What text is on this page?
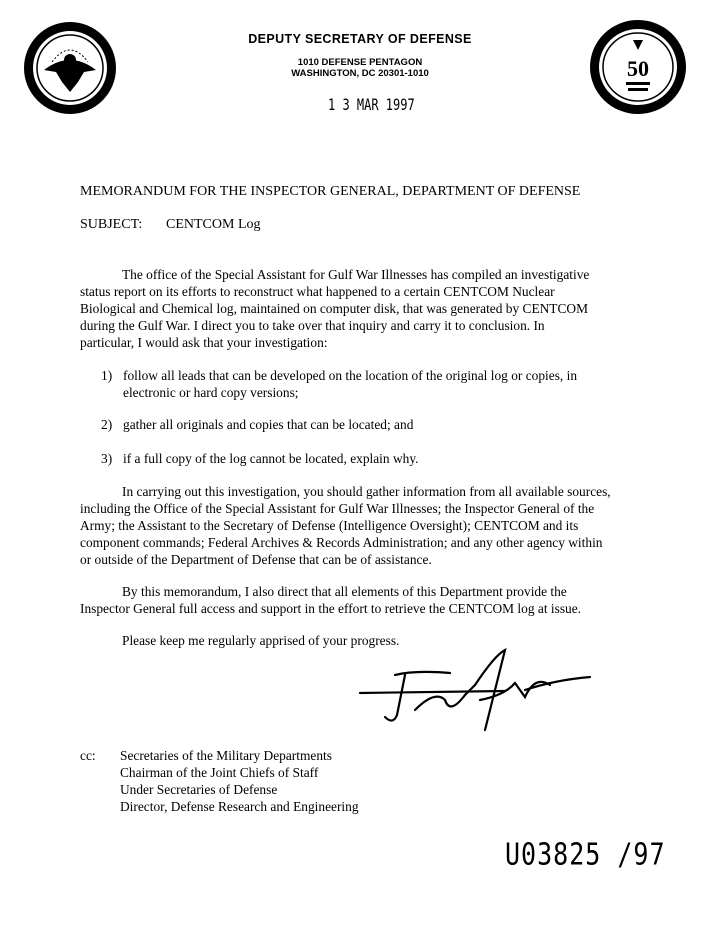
50
DEPUTY SECRETARY OF DEFENSE
1010 DEFENSE PENTAGON
WASHINGTON, DC 20301-1010
1 3 MAR 1997
MEMORANDUM FOR THE INSPECTOR GENERAL, DEPARTMENT OF DEFENSE
SUBJECT: CENTCOM Log
The office of the Special Assistant for Gulf War Illnesses has compiled an investigative
status report on its efforts to reconstruct what happened to a certain CENTCOM Nuclear
Biological and Chemical log, maintained on computer disk, that was generated by CENTCOM
during the Gulf War. I direct you to take over that inquiry and carry it to conclusion. In
particular, I would ask that your investigation:
1) follow all leads that can be developed on the location of the original log or copies, in
electronic or hard copy versions;
2) gather all originals and copies that can be located; and
3) if a full copy of the log cannot be located, explain why.
In carrying out this investigation, you should gather information from all available sources,
including the Office of the Special Assistant for Gulf War Illnesses; the Inspector General of the
Army; the Assistant to the Secretary of Defense (Intelligence Oversight); CENTCOM and its
component commands; Federal Archives & Records Administration; and any other agency within
or outside of the Department of Defense that can be of assistance.
By this memorandum, I also direct that all elements of this Department provide the
Inspector General full access and support in the effort to retrieve the CENTCOM log at issue.
Please keep me regularly apprised of your progress.
cc: Secretaries of the Military Departments
Chairman of the Joint Chiefs of Staff
Under Secretaries of Defense
Director, Defense Research and Engineering
U03825 /97
